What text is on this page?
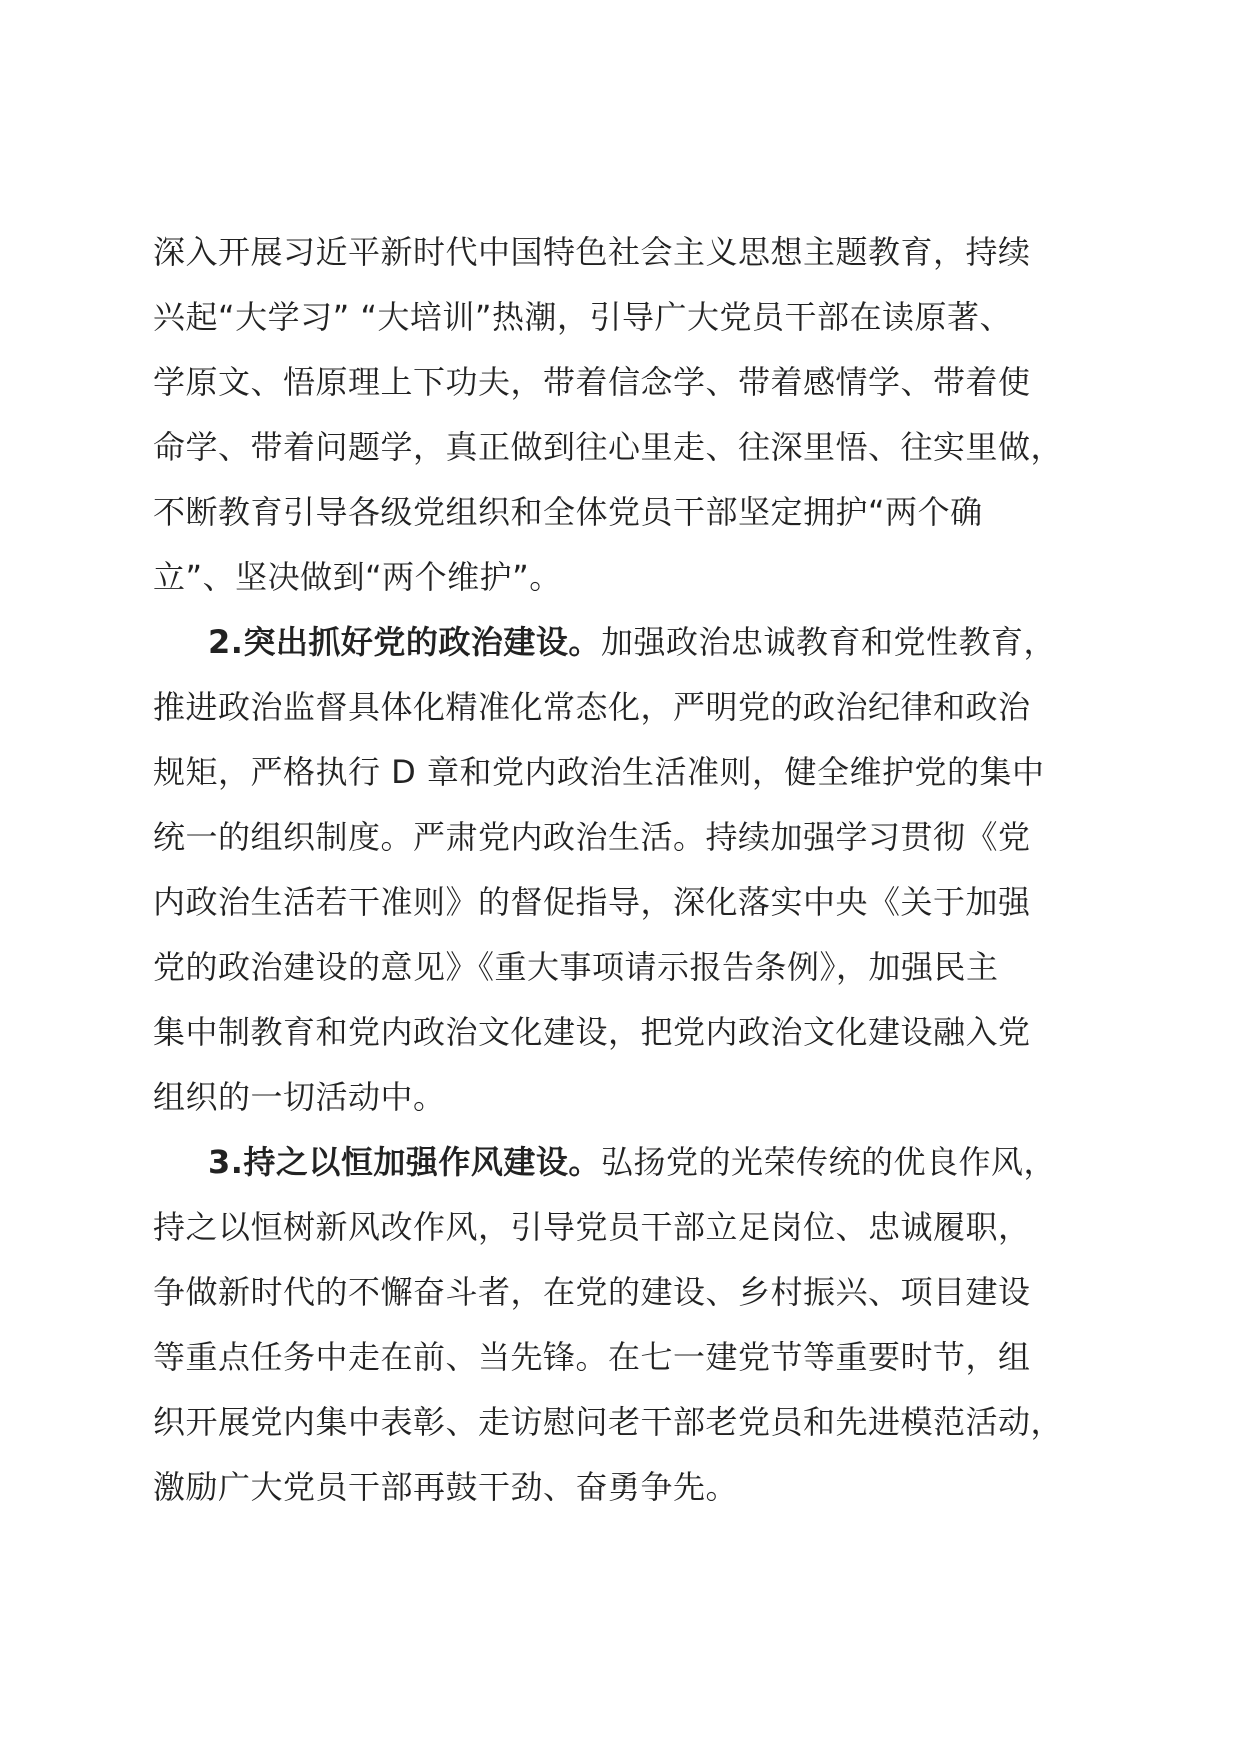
深入开展习近平新时代中国特色社会主义思想主题教育，持续
兴起“大学习” “大培训”热潮，引导广大党员干部在读原著、
学原文、悟原理上下功夫，带着信念学、带着感情学、带着使
命学、带着问题学，真正做到往心里走、往深里悟、往实里做，
不断教育引导各级党组织和全体党员干部坚定拥护“两个确
立”、坚决做到“两个维护”。
2.突出抓好党的政治建设。加强政治忠诚教育和党性教育，
推进政治监督具体化精准化常态化，严明党的政治纪律和政治
规矩，严格执行 D 章和党内政治生活准则，健全维护党的集中
统一的组织制度。严肃党内政治生活。持续加强学习贯彻《党
内政治生活若干准则》的督促指导，深化落实中央《关于加强
党的政治建设的意见》《重大事项请示报告条例》，加强民主
集中制教育和党内政治文化建设，把党内政治文化建设融入党
组织的一切活动中。
3.持之以恒加强作风建设。弘扬党的光荣传统的优良作风，
持之以恒树新风改作风，引导党员干部立足岗位、忠诚履职，
争做新时代的不懈奋斗者，在党的建设、乡村振兴、项目建设
等重点任务中走在前、当先锋。在七一建党节等重要时节，组
织开展党内集中表彰、走访慰问老干部老党员和先进模范活动，
激励广大党员干部再鼓干劲、奋勇争先。
